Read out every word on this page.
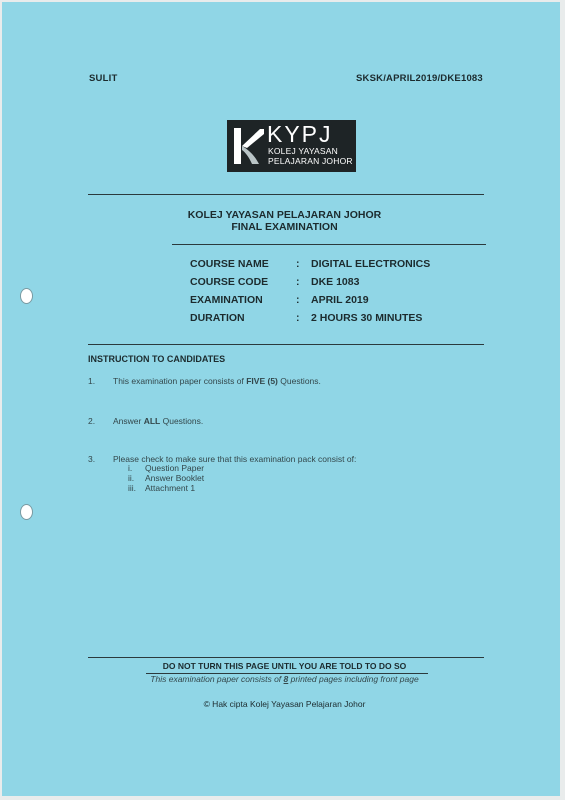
SULIT	SKSK/APRIL2019/DKE1083
KYPJ
KOLEJ YAYASAN
PELAJARAN JOHOR
KOLEJ YAYASAN PELAJARAN JOHOR
FINAL EXAMINATION
COURSE NAME	: DIGITAL ELECTRONICS
COURSE CODE	: DKE 1083
EXAMINATION	: APRIL 2019
DURATION	: 2 HOURS 30 MINUTES
INSTRUCTION TO CANDIDATES
1. This examination paper consists of FIVE (5) Questions.
2. Answer ALL Questions.
3. Please check to make sure that this examination pack consist of:
i. Question Paper
ii. Answer Booklet
iii. Attachment 1
DO NOT TURN THIS PAGE UNTIL YOU ARE TOLD TO DO SO
This examination paper consists of 8 printed pages including front page
© Hak cipta Kolej Yayasan Pelajaran Johor
